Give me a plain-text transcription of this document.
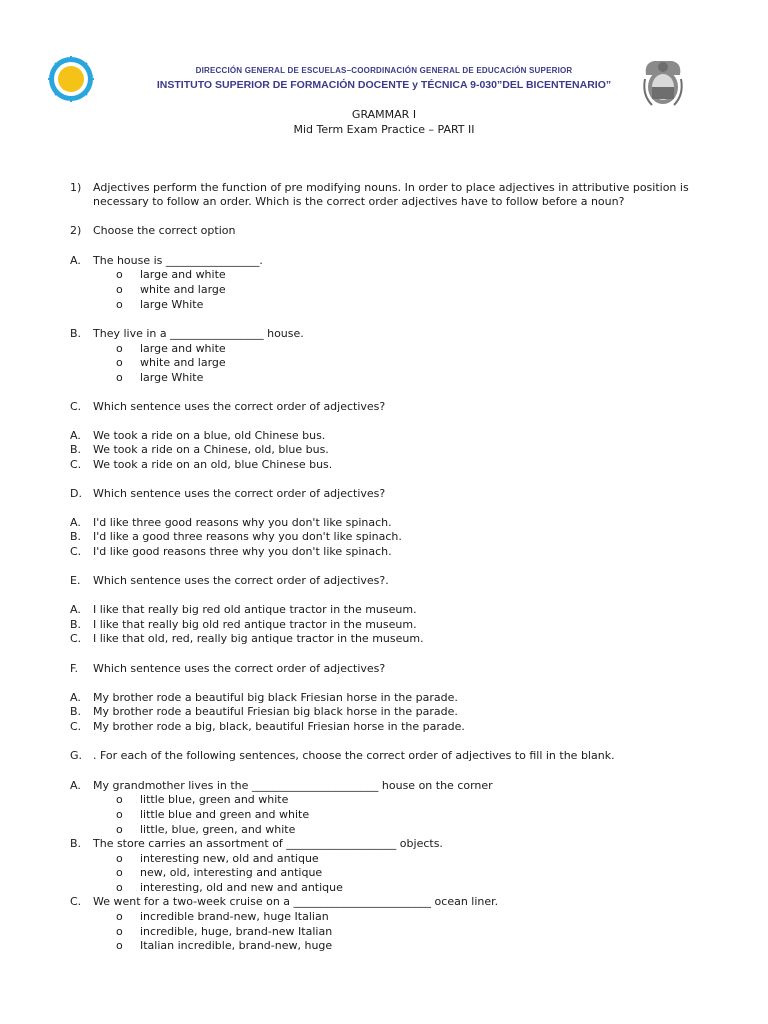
DIRECCIÓN GENERAL DE ESCUELAS–COORDINACIÓN GENERAL DE EDUCACIÓN SUPERIOR
INSTITUTO SUPERIOR DE FORMACIÓN DOCENTE y TÉCNICA 9-030”DEL BICENTENARIO”
GRAMMAR I
Mid Term Exam Practice – PART II
1) Adjectives perform the function of pre modifying nouns. In order to place adjectives in attributive position is
necessary to follow an order. Which is the correct order adjectives have to follow before a noun?
2) Choose the correct option
A. The house is _________________.
o large and white
o white and large
o large White
B. They live in a _________________ house.
o large and white
o white and large
o large White
C. Which sentence uses the correct order of adjectives?
A. We took a ride on a blue, old Chinese bus.
B. We took a ride on a Chinese, old, blue bus.
C. We took a ride on an old, blue Chinese bus.
D. Which sentence uses the correct order of adjectives?
A. I'd like three good reasons why you don't like spinach.
B. I'd like a good three reasons why you don't like spinach.
C. I'd like good reasons three why you don't like spinach.
E. Which sentence uses the correct order of adjectives?.
A. I like that really big red old antique tractor in the museum.
B. I like that really big old red antique tractor in the museum.
C. I like that old, red, really big antique tractor in the museum.
F. Which sentence uses the correct order of adjectives?
A. My brother rode a beautiful big black Friesian horse in the parade.
B. My brother rode a beautiful Friesian big black horse in the parade.
C. My brother rode a big, black, beautiful Friesian horse in the parade.
G. . For each of the following sentences, choose the correct order of adjectives to fill in the blank.
A. My grandmother lives in the _______________________ house on the corner
o little blue, green and white
o little blue and green and white
o little, blue, green, and white
B. The store carries an assortment of ____________________ objects.
o interesting new, old and antique
o new, old, interesting and antique
o interesting, old and new and antique
C. We went for a two-week cruise on a _________________________ ocean liner.
o incredible brand-new, huge Italian
o incredible, huge, brand-new Italian
o Italian incredible, brand-new, huge
